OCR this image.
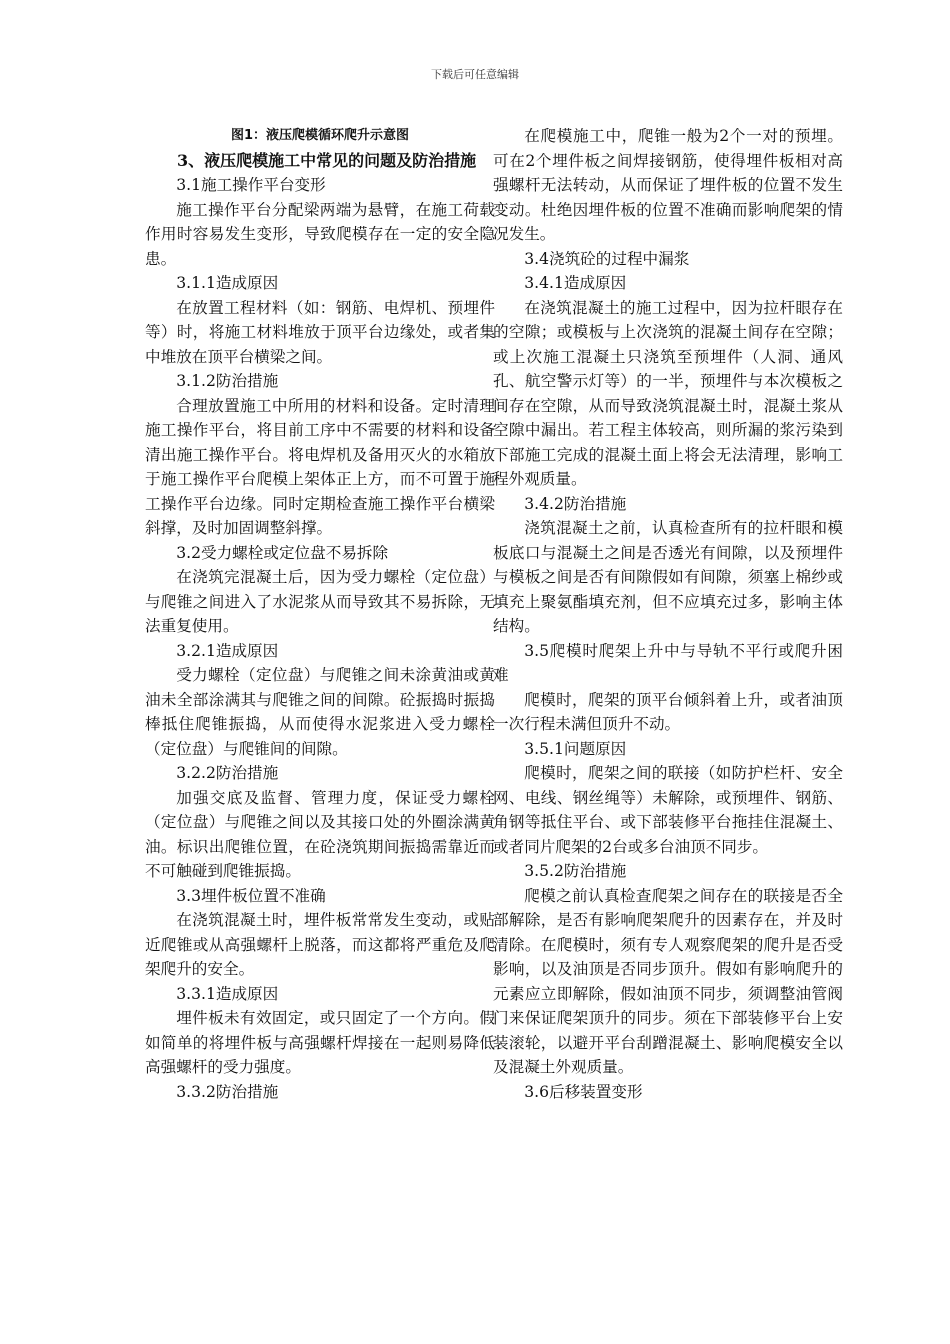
下载后可任意编辑

图1：液压爬模循环爬升示意图

3、液压爬模施工中常见的问题及防治措施

3.1施工操作平台变形

施工操作平台分配梁两端为悬臂，在施工荷载作用时容易发生变形，导致爬模存在一定的安全隐患。

3.1.1造成原因

在放置工程材料（如：钢筋、电焊机、预埋件等）时，将施工材料堆放于顶平台边缘处，或者集中堆放在顶平台横梁之间。

3.1.2防治措施

合理放置施工中所用的材料和设备。定时清理施工操作平台，将目前工序中不需要的材料和设备清出施工操作平台。将电焊机及备用灭火的水箱放于施工操作平台爬模上架体正上方，而不可置于施工操作平台边缘。同时定期检查施工操作平台横梁斜撑，及时加固调整斜撑。

3.2受力螺栓或定位盘不易拆除

在浇筑完混凝土后，因为受力螺栓（定位盘）与爬锥之间进入了水泥浆从而导致其不易拆除，无法重复使用。

3.2.1造成原因

受力螺栓（定位盘）与爬锥之间未涂黄油或黄油未全部涂满其与爬锥之间的间隙。砼振捣时振捣棒抵住爬锥振捣，从而使得水泥浆进入受力螺栓（定位盘）与爬锥间的间隙。

3.2.2防治措施

加强交底及监督、管理力度，保证受力螺栓（定位盘）与爬锥之间以及其接口处的外圈涂满黄油。标识出爬锥位置，在砼浇筑期间振捣需靠近而不可触碰到爬锥振捣。

3.3埋件板位置不准确

在浇筑混凝土时，埋件板常常发生变动，或贴近爬锥或从高强螺杆上脱落，而这都将严重危及爬架爬升的安全。

3.3.1造成原因

埋件板未有效固定，或只固定了一个方向。假如简单的将埋件板与高强螺杆焊接在一起则易降低高强螺杆的受力强度。

3.3.2防治措施

在爬模施工中，爬锥一般为2个一对的预埋。可在2个埋件板之间焊接钢筋，使得埋件板相对高强螺杆无法转动，从而保证了埋件板的位置不发生变动。杜绝因埋件板的位置不准确而影响爬架的情况发生。

3.4浇筑砼的过程中漏浆

3.4.1造成原因

在浇筑混凝土的施工过程中，因为拉杆眼存在的空隙；或模板与上次浇筑的混凝土间存在空隙；或上次施工混凝土只浇筑至预埋件（人洞、通风孔、航空警示灯等）的一半，预埋件与本次模板之间存在空隙，从而导致浇筑混凝土时，混凝土浆从空隙中漏出。若工程主体较高，则所漏的浆污染到下部施工完成的混凝土面上将会无法清理，影响工程外观质量。

3.4.2防治措施

浇筑混凝土之前，认真检查所有的拉杆眼和模板底口与混凝土之间是否透光有间隙，以及预埋件与模板之间是否有间隙假如有间隙，须塞上棉纱或填充上聚氨酯填充剂，但不应填充过多，影响主体结构。

3.5爬模时爬架上升中与导轨不平行或爬升困难

爬模时，爬架的顶平台倾斜着上升，或者油顶一次行程未满但顶升不动。

3.5.1问题原因

爬模时，爬架之间的联接（如防护栏杆、安全网、电线、钢丝绳等）未解除，或预埋件、钢筋、角钢等抵住平台、或下部装修平台拖挂住混凝土、或者同片爬架的2台或多台油顶不同步。

3.5.2防治措施

爬模之前认真检查爬架之间存在的联接是否全部解除，是否有影响爬架爬升的因素存在，并及时清除。在爬模时，须有专人观察爬架的爬升是否受影响，以及油顶是否同步顶升。假如有影响爬升的元素应立即解除，假如油顶不同步，须调整油管阀门来保证爬架顶升的同步。须在下部装修平台上安装滚轮，以避开平台刮蹭混凝土、影响爬模安全以及混凝土外观质量。

3.6后移装置变形
